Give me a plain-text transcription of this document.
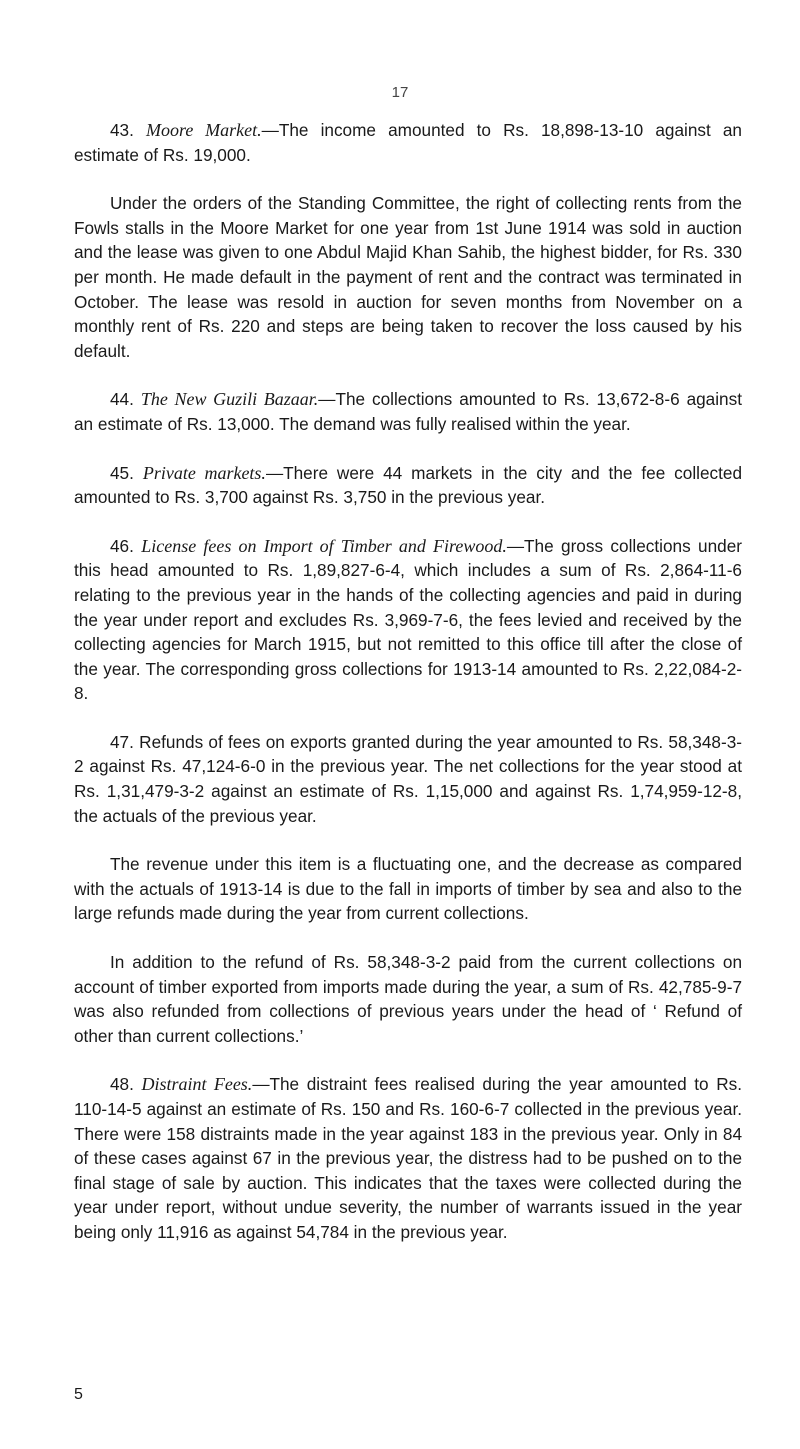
17

43. Moore Market.—The income amounted to Rs. 18,898-13-10 against an estimate of Rs. 19,000.

Under the orders of the Standing Committee, the right of collecting rents from the Fowls stalls in the Moore Market for one year from 1st June 1914 was sold in auction and the lease was given to one Abdul Majid Khan Sahib, the highest bidder, for Rs. 330 per month. He made default in the payment of rent and the contract was terminated in October. The lease was resold in auction for seven months from November on a monthly rent of Rs. 220 and steps are being taken to recover the loss caused by his default.

44. The New Guzili Bazaar.—The collections amounted to Rs. 13,672-8-6 against an estimate of Rs. 13,000. The demand was fully realised within the year.

45. Private markets.—There were 44 markets in the city and the fee collected amounted to Rs. 3,700 against Rs. 3,750 in the previous year.

46. License fees on Import of Timber and Firewood.—The gross collections under this head amounted to Rs. 1,89,827-6-4, which includes a sum of Rs. 2,864-11-6 relating to the previous year in the hands of the collecting agencies and paid in during the year under report and excludes Rs. 3,969-7-6, the fees levied and received by the collecting agencies for March 1915, but not remitted to this office till after the close of the year. The corresponding gross collections for 1913-14 amounted to Rs. 2,22,084-2-8.

47. Refunds of fees on exports granted during the year amounted to Rs. 58,348-3-2 against Rs. 47,124-6-0 in the previous year. The net collections for the year stood at Rs. 1,31,479-3-2 against an estimate of Rs. 1,15,000 and against Rs. 1,74,959-12-8, the actuals of the previous year.

The revenue under this item is a fluctuating one, and the decrease as compared with the actuals of 1913-14 is due to the fall in imports of timber by sea and also to the large refunds made during the year from current collections.

In addition to the refund of Rs. 58,348-3-2 paid from the current collections on account of timber exported from imports made during the year, a sum of Rs. 42,785-9-7 was also refunded from collections of previous years under the head of ‘ Refund of other than current collections.’

48. Distraint Fees.—The distraint fees realised during the year amounted to Rs. 110-14-5 against an estimate of Rs. 150 and Rs. 160-6-7 collected in the previous year. There were 158 distraints made in the year against 183 in the previous year. Only in 84 of these cases against 67 in the previous year, the distress had to be pushed on to the final stage of sale by auction. This indicates that the taxes were collected during the year under report, without undue severity, the number of warrants issued in the year being only 11,916 as against 54,784 in the previous year.

5
